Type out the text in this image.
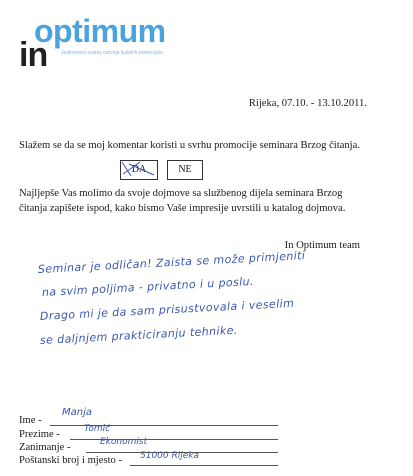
optimum
in	Jedinstveni sustav razvoja ljudskih potencijala
Rijeka, 07.10. - 13.10.2011.
Slažem se da se moj komentar koristi u svrhu promocije seminara Brzog čitanja.
DA	NE
Najljepše Vas molimo da svoje dojmove sa službenog dijela seminara Brzog
čitanja zapišete ispod, kako bismo Vaše impresije uvrstili u katalog dojmova.
In Optimum team
Seminar je odličan! Zaista se može primjeniti
na svim poljima - privatno i u poslu.
Drago mi je da sam prisustvovala i veselim
se daljnjem prakticiranju tehnike.
Ime -
Manja
Prezime -	Tomić
Zanimanje -	Ekonomist
Poštanski broj i mjesto - 51000 Rijeka
